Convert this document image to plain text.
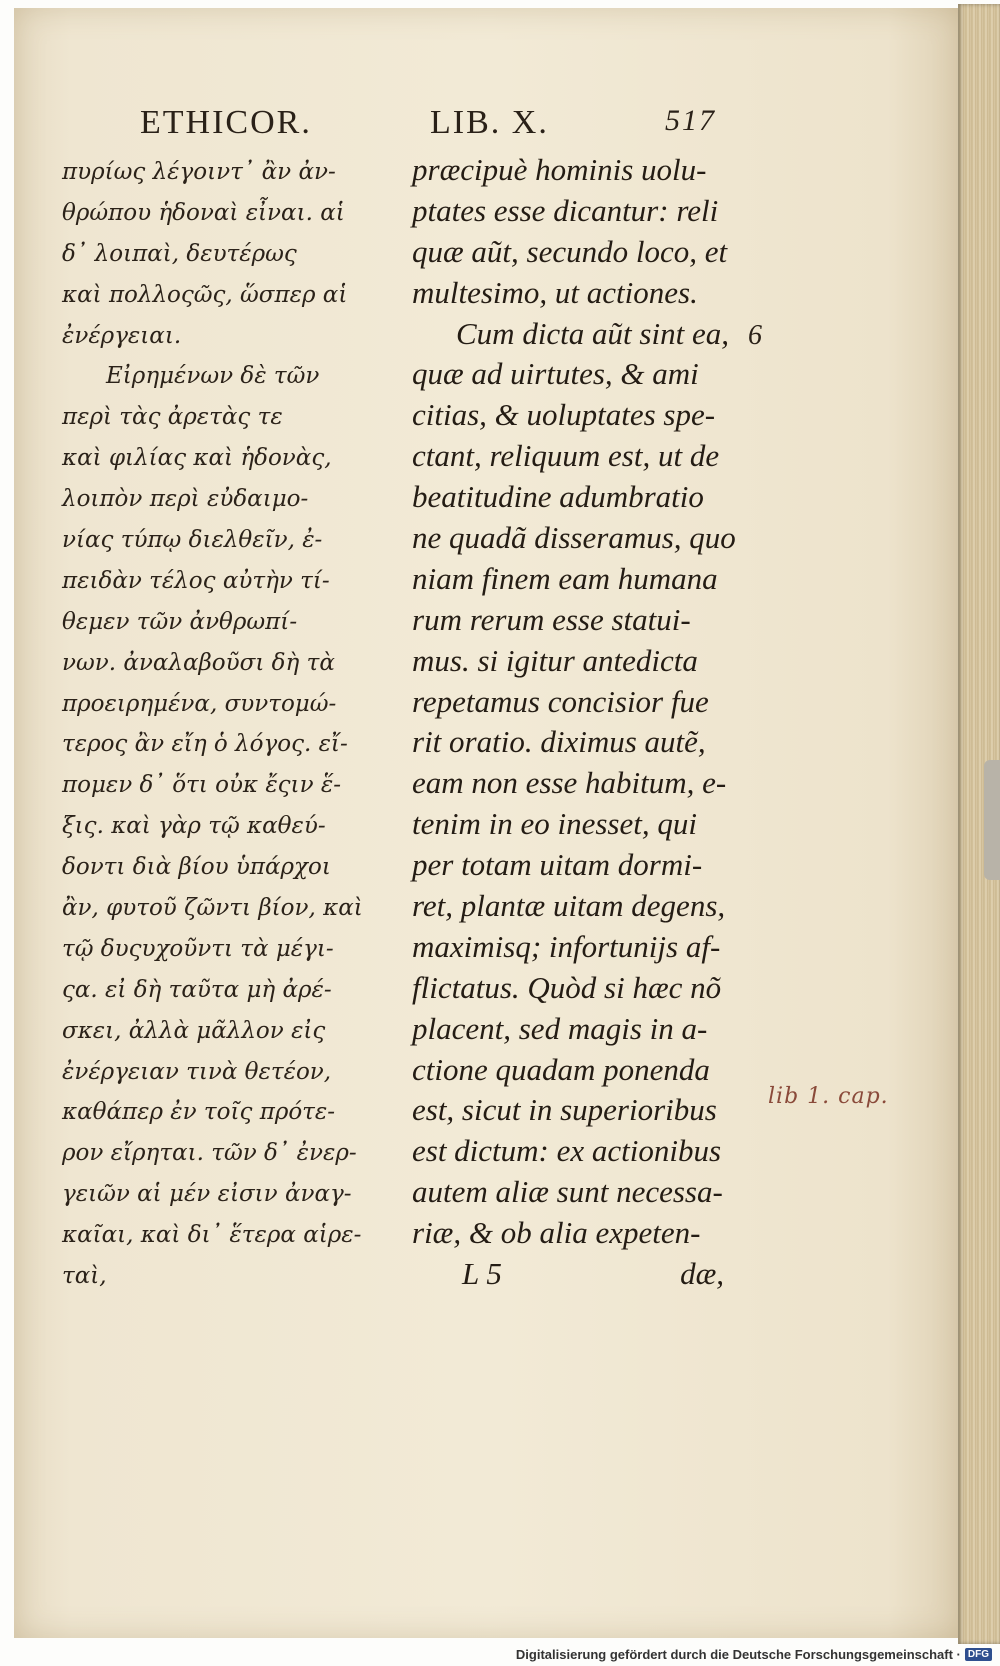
ETHICOR.	LIB. X.	517
πυρίως λέγοιντ᾽ ἂν ἀν-
θρώπου ἡδοναὶ εἶναι. αἱ
δ᾽ λοιπαὶ, δευτέρως
καὶ πολλοςῶς, ὥσπερ αἱ
ἐνέργειαι.
Εἰρημένων δὲ τῶν
περὶ τὰς ἀρετὰς τε
καὶ φιλίας καὶ ἡδονὰς,
λοιπὸν περὶ εὐδαιμο-
νίας τύπῳ διελθεῖν, ἐ-
πειδὰν τέλος αὐτὴν τί-
θεμεν τῶν ἀνθρωπί-
νων. ἀναλαβοῦσι δὴ τὰ
προειρημένα, συντομώ-
τερος ἂν εἴη ὁ λόγος. εἴ-
πομεν δ᾽ ὅτι οὐκ ἔςιν ἕ-
ξις. καὶ γὰρ τῷ καθεύ-
δοντι διὰ βίου ὑπάρχοι
ἂν, φυτοῦ ζῶντι βίον, καὶ
τῷ δυςυχοῦντι τὰ μέγι-
ςα. εἰ δὴ ταῦτα μὴ ἀρέ-
σκει, ἀλλὰ μᾶλλον εἰς
ἐνέργειαν τινὰ θετέον,
καθάπερ ἐν τοῖς πρότε-
ρον εἴρηται. τῶν δ᾽ ἐνερ-
γειῶν αἱ μέν εἰσιν ἀναγ-
καῖαι, καὶ δι᾽ ἕτερα αἱρε-
ταὶ,
præcipuè hominis uolu-
ptates esse dicantur: reli
quæ aũt, secundo loco, et
multesimo, ut actiones.
Cum dicta aũt sint ea,
quæ ad uirtutes, & ami
citias, & uoluptates spe-
ctant, reliquum est, ut de
beatitudine adumbratio
ne quadã disseramus, quo
niam finem eam humana
rum rerum esse statui-
mus. si igitur antedicta
repetamus concisior fue
rit oratio. diximus autẽ,
eam non esse habitum, e-
tenim in eo inesset, qui
per totam uitam dormi-
ret, plantæ uitam degens,
maximisq; infortunijs af-
flictatus. Quòd si hæc nõ
placent, sed magis in a-
ctione quadam ponenda
est, sicut in superioribus
est dictum: ex actionibus
autem aliæ sunt necessa-
riæ, & ob alia expeten-
L 5	dæ,
6
lib 1. cap.
Digitalisierung gefördert durch die Deutsche Forschungsgemeinschaft · DFG
